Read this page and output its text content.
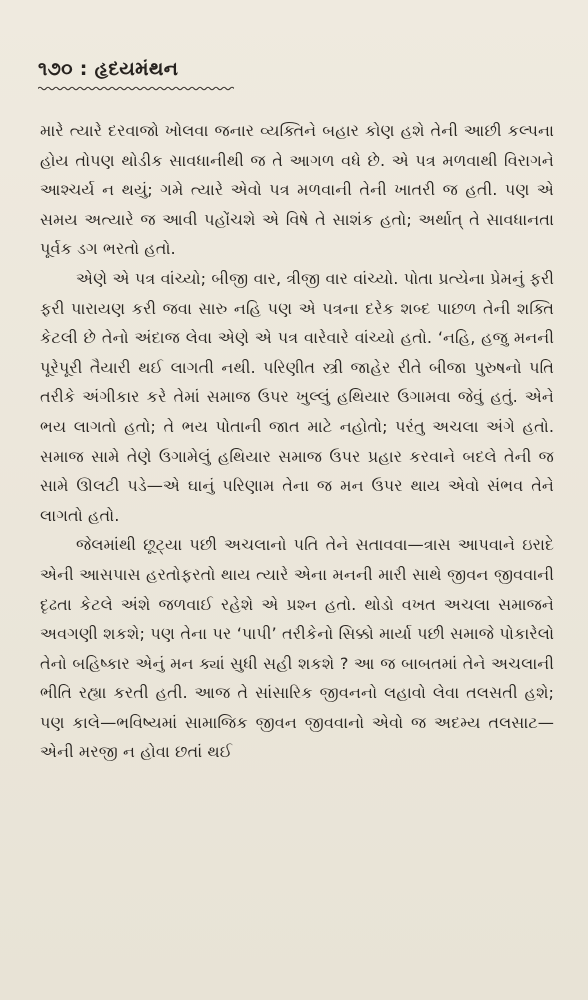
૧૭૦ : હૃદયમંથન

મારે ત્યારે દરવાજો ખોલવા જનાર વ્યક્તિને બહાર કોણ હશે તેની આછી કલ્પના હોય તોપણ થોડીક સાવધાનીથી જ તે આગળ વધે છે. એ પત્ર મળવાથી વિરાગને આશ્ચર્ય ન થયું; ગમે ત્યારે એવો પત્ર મળવાની તેની ખાતરી જ હતી. પણ એ સમય અત્યારે જ આવી પહોંચશે એ વિષે તે સાશંક હતો; અર્થાત્ તે સાવધાનતા પૂર્વક ડગ ભરતો હતો.

એણે એ પત્ર વાંચ્યો; બીજી વાર, ત્રીજી વાર વાંચ્યો. પોતા પ્રત્યેના પ્રેમનું ફરી ફરી પારાયણ કરી જવા સારુ નહિ પણ એ પત્રના દરેક શબ્દ પાછળ તેની શક્તિ કેટલી છે તેનો અંદાજ લેવા એણે એ પત્ર વારેવારે વાંચ્યો હતો. ‘નહિ, હજુ મનની પૂરેપૂરી તૈયારી થઈ લાગતી નથી. પરિણીત સ્ત્રી જાહેર રીતે બીજા પુરુષનો પતિ તરીકે અંગીકાર કરે તેમાં સમાજ ઉપર ખુલ્લું હથિયાર ઉગામવા જેવું હતું. એને ભય લાગતો હતો; તે ભય પોતાની જાત માટે નહોતો; પરંતુ અચલા અંગે હતો. સમાજ સામે તેણે ઉગામેલું હથિયાર સમાજ ઉપર પ્રહાર કરવાને બદલે તેની જ સામે ઊલટી પડે—એ ઘાનું પરિણામ તેના જ મન ઉપર થાય એવો સંભવ તેને લાગતો હતો.

જેલમાંથી છૂટ્યા પછી અચલાનો પતિ તેને સતાવવા—ત્રાસ આપવાને ઇરાદે એની આસપાસ હરતોફરતો થાય ત્યારે એના મનની મારી સાથે જીવન જીવવાની દૃઢતા કેટલે અંશે જળવાઈ રહેશે એ પ્રશ્ન હતો. થોડો વખત અચલા સમાજને અવગણી શકશે; પણ તેના પર ‘પાપી’ તરીકેનો સિક્કો માર્યા પછી સમાજે પોકારેલો તેનો બહિષ્કાર એનું મન ક્યાં સુધી સહી શકશે ? આ જ બાબતમાં તેને અચલાની ભીતિ રહ્યા કરતી હતી. આજ તે સાંસારિક જીવનનો લહાવો લેવા તલસતી હશે; પણ કાલે—ભવિષ્યમાં સામાજિક જીવન જીવવાનો એવો જ અદમ્ય તલસાટ—એની મરજી ન હોવા છતાં થઈ
